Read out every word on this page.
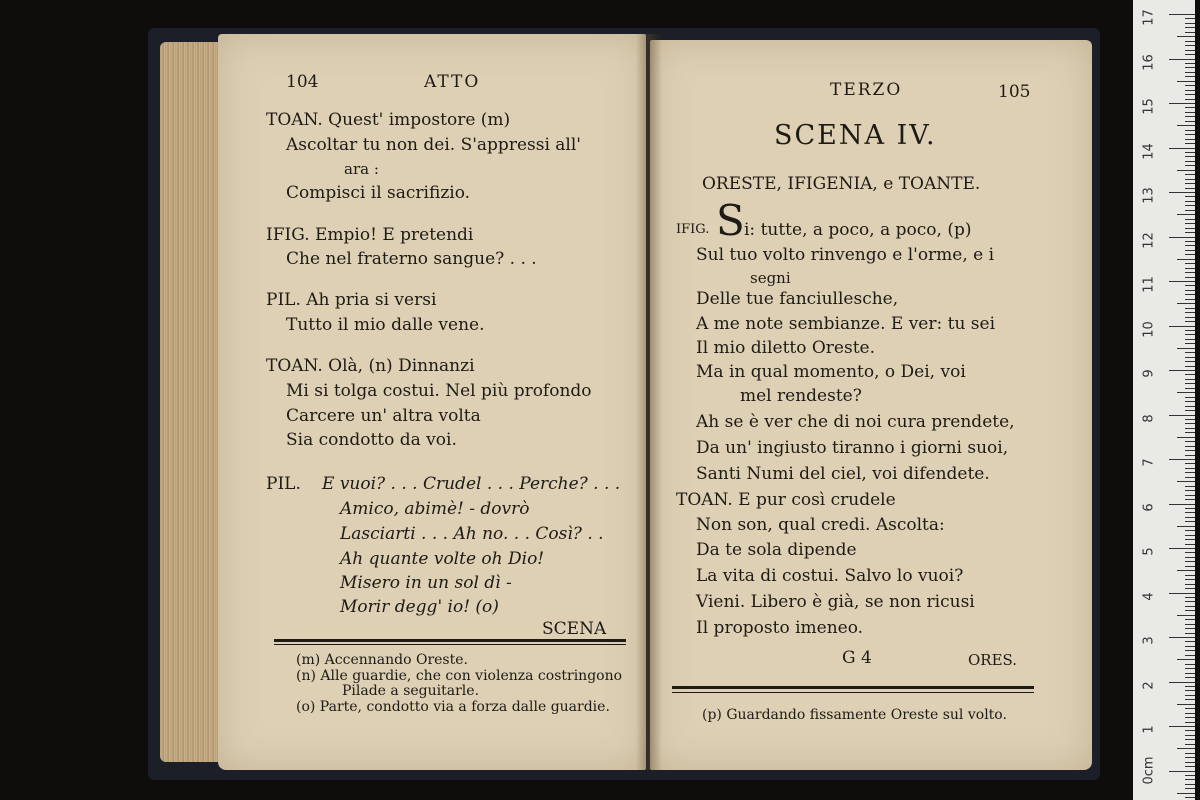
104	ATTO
TOAN. Quest' impostore (m)
Ascoltar tu non dei. S'appressi all'
ara :
Compisci il sacrifizio.
IFIG. Empio! E pretendi
Che nel fraterno sangue? . . .
PIL. Ah pria si versi
Tutto il mio dalle vene.
TOAN. Olà, (n) Dinnanzi
Mi si tolga costui. Nel più profondo
Carcere un' altra volta
Sia condotto da voi.
PIL. E vuoi? . . . Crudel . . . Perche? . . .
Amico, abimè! - dovrò
Lasciarti . . . Ah no. . . Così? . .
Ah quante volte oh Dio!
Misero in un sol dì -
Morir degg' io! (o)
SCENA
(m) Accennando Oreste.
(n) Alle guardie, che con violenza costringono
Pilade a seguitarle.
(o) Parte, condotto via a forza dalle guardie.
TERZO	105
SCENA IV.
ORESTE, IFIGENIA, e TOANTE.
IFIG. S i: tutte, a poco, a poco, (p)
Sul tuo volto rinvengo e l'orme, e i
segni
Delle tue fanciullesche,
A me note sembianze. E ver: tu sei
Il mio diletto Oreste.
Ma in qual momento, o Dei, voi
mel rendeste?
Ah se è ver che di noi cura prendete,
Da un' ingiusto tiranno i giorni suoi,
Santi Numi del ciel, voi difendete.
TOAN. E pur così crudele
Non son, qual credi. Ascolta:
Da te sola dipende
La vita di costui. Salvo lo vuoi?
Vieni. Libero è già, se non ricusi
Il proposto imeneo.
G 4	ORES.
(p) Guardando fissamente Oreste sul volto.
17
16
15
14
13
12
11
10
9
8
7
6
5
4
3
2
1
0cm
